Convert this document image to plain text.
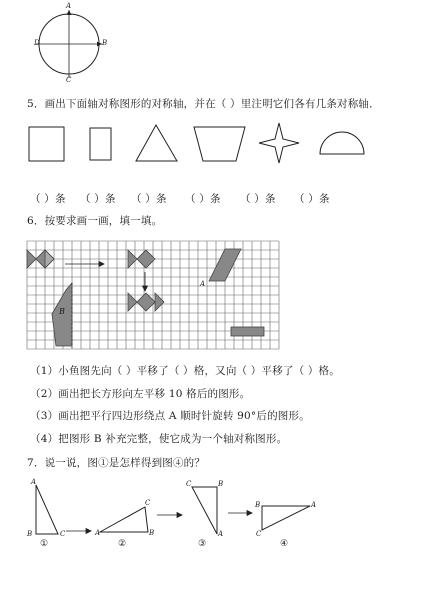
A
D	B
C
5．画出下面轴对称图形的对称轴，并在（ ）里注明它们各有几条对称轴．
（ ）条 （ ）条 （ ）条 （ ）条 （ ）条 （ ）条
6．按要求画一画，填一填。
A
B
（1）小鱼图先向（ ）平移了（ ）格，又向（ ）平移了（ ）格。
（2）画出把长方形向左平移 10 格后的图形。
（3）画出把平行四边形绕点 A 顺时针旋转 90°后的图形。
（4）把图形 B 补充完整，使它成为一个轴对称图形。
7．说一说，图①是怎样得到图④的？
A
B	C
①
C
A	B
②
C	B
A
③
B	A
C
④
